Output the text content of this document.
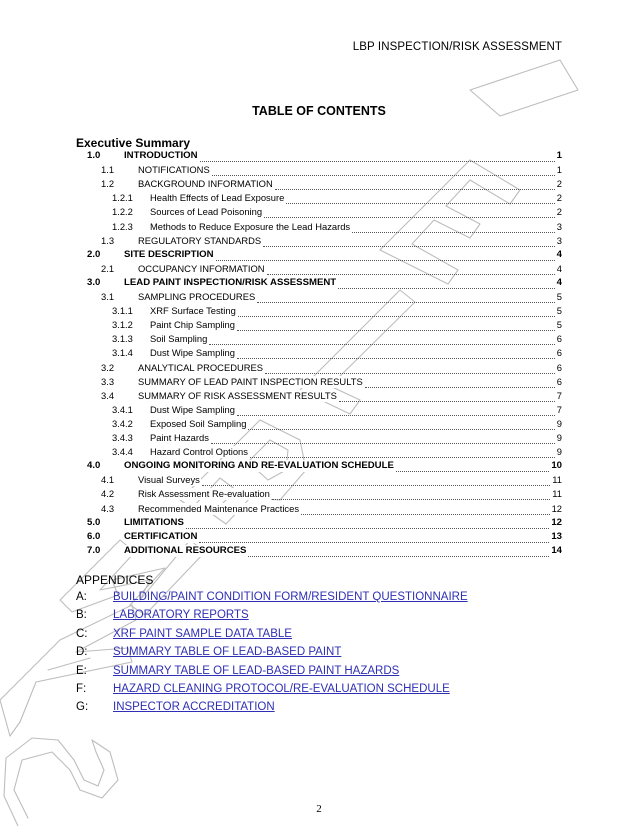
LBP INSPECTION/RISK ASSESSMENT
TABLE OF CONTENTS
Executive Summary
1.0 INTRODUCTION	1
1.1	NOTIFICATIONS	1
1.2	BACKGROUND INFORMATION	2
1.2.1 Health Effects of Lead Exposure	2
1.2.2 Sources of Lead Poisoning	2
1.2.3 Methods to Reduce Exposure the Lead Hazards	3
1.3	REGULATORY STANDARDS	3
2.0 SITE DESCRIPTION	4
2.1	OCCUPANCY INFORMATION	4
3.0 LEAD PAINT INSPECTION/RISK ASSESSMENT	4
3.1	SAMPLING PROCEDURES	5
3.1.1 XRF Surface Testing	5
3.1.2 Paint Chip Sampling	5
3.1.3 Soil Sampling	6
3.1.4 Dust Wipe Sampling	6
3.2	ANALYTICAL PROCEDURES	6
3.3	SUMMARY OF LEAD PAINT INSPECTION RESULTS	6
3.4	SUMMARY OF RISK ASSESSMENT RESULTS	7
3.4.1 Dust Wipe Sampling	7
3.4.2 Exposed Soil Sampling	9
3.4.3 Paint Hazards	9
3.4.4 Hazard Control Options	9
4.0 ONGOING MONITORING AND RE-EVALUATION SCHEDULE	10
4.1	Visual Surveys	11
4.2	Risk Assessment Re-evaluation	11
4.3	Recommended Maintenance Practices	12
5.0 LIMITATIONS	12
6.0 CERTIFICATION	13
7.0 ADDITIONAL RESOURCES	14
APPENDICES
A: BUILDING/PAINT CONDITION FORM/RESIDENT QUESTIONNAIRE
B: LABORATORY REPORTS
C: XRF PAINT SAMPLE DATA TABLE
D: SUMMARY TABLE OF LEAD-BASED PAINT
E: SUMMARY TABLE OF LEAD-BASED PAINT HAZARDS
F: HAZARD CLEANING PROTOCOL/RE-EVALUATION SCHEDULE
G: INSPECTOR ACCREDITATION
2
